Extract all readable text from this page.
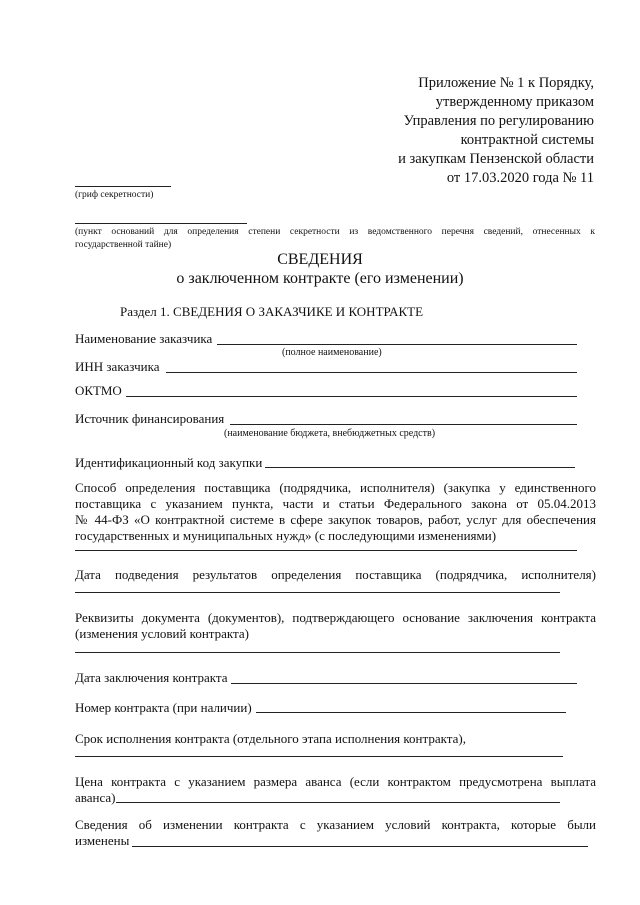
Приложение № 1 к Порядку,
утвержденному приказом
Управления по регулированию
контрактной системы
и закупкам Пензенской области
от 17.03.2020 года № 11
(гриф секретности)
(пункт оснований для определения степени секретности из ведомственного перечня сведений, отнесенных к
государственной тайне)
СВЕДЕНИЯ
о заключенном контракте (его изменении)
Раздел 1. СВЕДЕНИЯ О ЗАКАЗЧИКЕ И КОНТРАКТЕ
Наименование заказчика
(полное наименование)
ИНН заказчика
ОКТМО
Источник финансирования
(наименование бюджета, внебюджетных средств)
Идентификационный код закупки
Способ определения поставщика (подрядчика, исполнителя) (закупка у единственного
поставщика с указанием пункта, части и статьи Федерального закона от 05.04.2013
№ 44-ФЗ «О контрактной системе в сфере закупок товаров, работ, услуг для обеспечения
государственных и муниципальных нужд» (с последующими изменениями)
Дата подведения результатов определения поставщика (подрядчика, исполнителя)
Реквизиты документа (документов), подтверждающего основание заключения контракта
(изменения условий контракта)
Дата заключения контракта
Номер контракта (при наличии)
Срок исполнения контракта (отдельного этапа исполнения контракта),
Цена контракта с указанием размера аванса (если контрактом предусмотрена выплата
аванса)
Сведения об изменении контракта с указанием условий контракта, которые были
изменены
